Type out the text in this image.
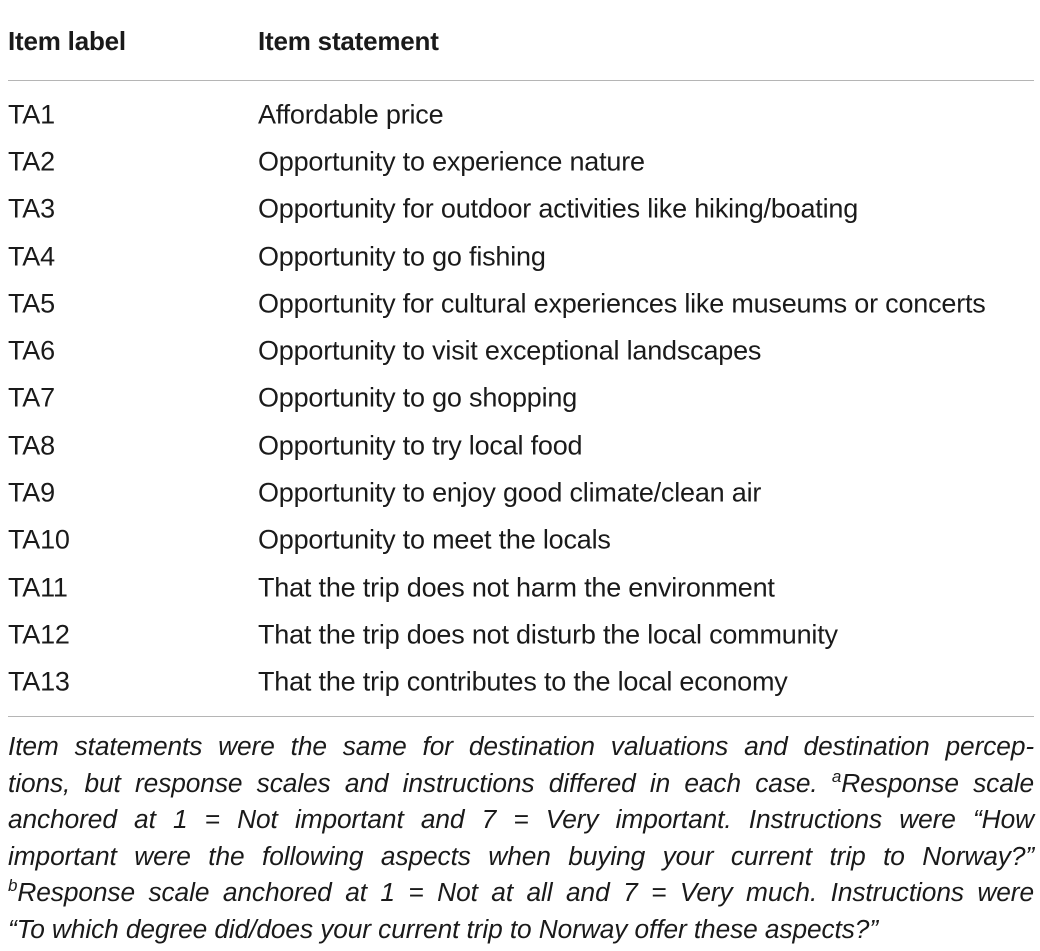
Item label	Item statement
TA1	Affordable price
TA2	Opportunity to experience nature
TA3	Opportunity for outdoor activities like hiking/boating
TA4	Opportunity to go fishing
TA5	Opportunity for cultural experiences like museums or concerts
TA6	Opportunity to visit exceptional landscapes
TA7	Opportunity to go shopping
TA8	Opportunity to try local food
TA9	Opportunity to enjoy good climate/clean air
TA10	Opportunity to meet the locals
TA11	That the trip does not harm the environment
TA12	That the trip does not disturb the local community
TA13	That the trip contributes to the local economy
Item statements were the same for destination valuations and destination percep-
tions, but response scales and instructions differed in each case. $^a$Response scale
anchored at 1 = Not important and 7 = Very important. Instructions were “How
important were the following aspects when buying your current trip to Norway?”
$^b$Response scale anchored at 1 = Not at all and 7 = Very much. Instructions were
“To which degree did/does your current trip to Norway offer these aspects?”
